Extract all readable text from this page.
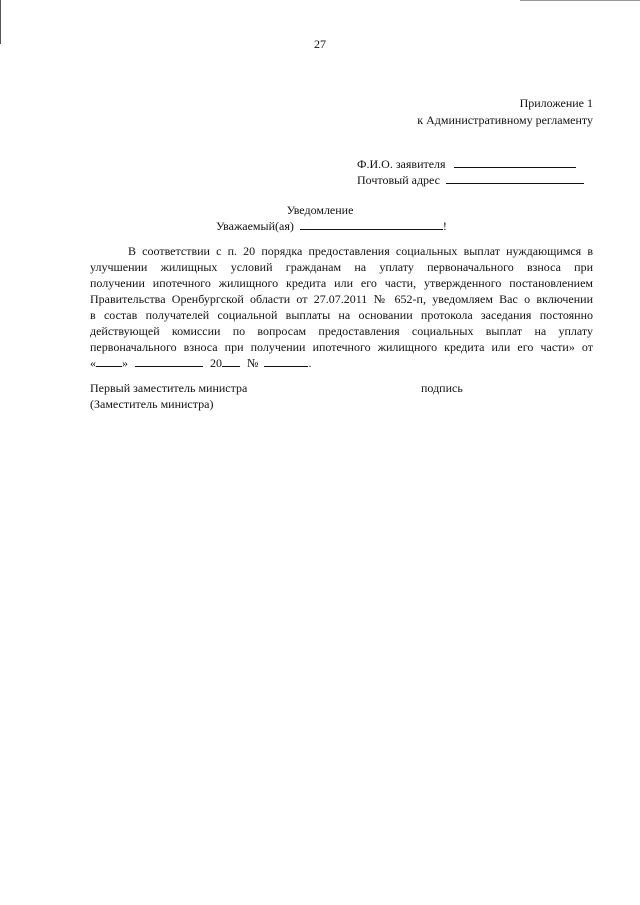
27
Приложение 1
к Административному регламенту
Ф.И.О. заявителя
Почтовый адрес
Уведомление
Уважаемый(ая)	!
В соответствии с п. 20 порядка предоставления социальных выплат нуждающимся в
улучшении жилищных условий гражданам на уплату первоначального взноса при
получении ипотечного жилищного кредита или его части, утвержденного постановлением
Правительства Оренбургской области от 27.07.2011 № 652-п, уведомляем Вас о включении
в состав получателей социальной выплаты на основании протокола заседания постоянно
действующей комиссии по вопросам предоставления социальных выплат на уплату
первоначального взноса при получении ипотечного жилищного кредита или его части» от
« »	20 №	.
Первый заместитель министра
(Заместитель министра)
подпись
